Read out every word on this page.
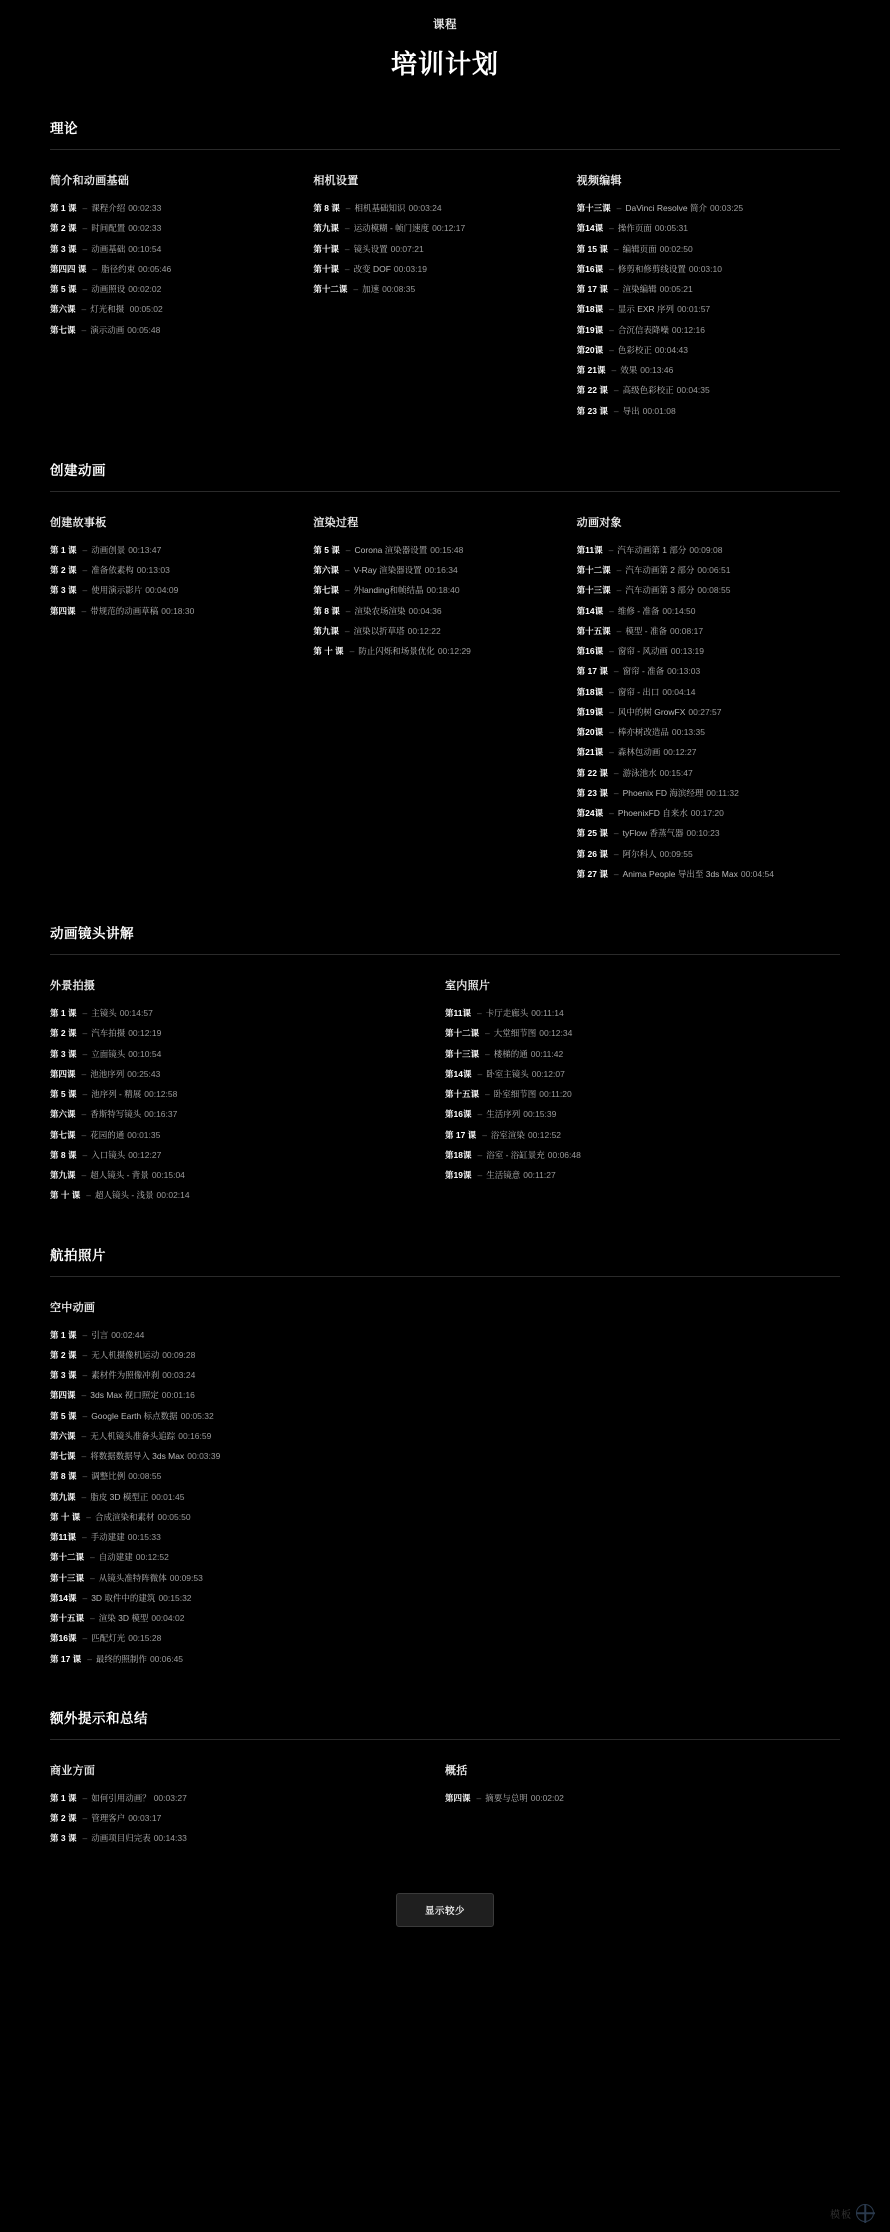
课程
培训计划
理论
简介和动画基础
第 1 课 – 课程介绍 00:02:33
第 2 课 – 时间配置 00:02:33
第 3 课 – 动画基础 00:10:54
第四四 课 – 脂径约束 00:05:46
第 5 课 – 动画照设 00:02:02
第六课 – 灯光和摄 00:05:02
第七课 – 演示动画 00:05:48
相机设置
第 8 课 – 相机基础知识 00:03:24
第九课 – 运动模糊 - 帧门速度 00:12:17
第十课 – 镜头设置 00:07:21
第十课 – 改变 DOF 00:03:19
第十二课 – 加速 00:08:35
视频编辑
第十三课 – DaVinci Resolve 简介 00:03:25
第14课 – 操作页面 00:05:31
第 15 课 – 编辑页面 00:02:50
第16课 – 修剪和修剪线设置 00:03:10
第 17 课 – 渲染编辑 00:05:21
第18课 – 显示 EXR 序列 00:01:57
第19课 – 合沉信表降噪 00:12:16
第20课 – 色彩校正 00:04:43
第 21课 – 效果 00:13:46
第 22 课 – 高级色彩校正 00:04:35
第 23 课 – 导出 00:01:08
创建动画
创建故事板
第 1 课 – 动画创景 00:13:47
第 2 课 – 准备依素构 00:13:03
第 3 课 – 使用演示影片 00:04:09
第四课 – 带规范的动画草稿 00:18:30
渲染过程
第 5 课 – Corona 渲染器设置 00:15:48
第六课 – V-Ray 渲染器设置 00:16:34
第七课 – 外landing和帧结晶 00:18:40
第 8 课 – 渲染农场渲染 00:04:36
第九课 – 渲染以折草塔 00:12:22
第 十 课 – 防止闪烁和场景优化 00:12:29
动画对象
第11课 – 汽车动画第 1 部分 00:09:08
第十二课 – 汽车动画第 2 部分 00:06:51
第十三课 – 汽车动画第 3 部分 00:08:55
第14课 – 维修 - 准备 00:14:50
第十五课 – 模型 - 准备 00:08:17
第16课 – 窗帘 - 风动画 00:13:19
第 17 课 – 窗帘 - 准备 00:13:03
第18课 – 窗帘 - 出口 00:04:14
第19课 – 风中的树 GrowFX 00:27:57
第20课 – 棒亦树改造品 00:13:35
第21课 – 森林包动画 00:12:27
第 22 课 – 游泳池水 00:15:47
第 23 课 – Phoenix FD 海滨经理 00:11:32
第24课 – PhoenixFD 自来水 00:17:20
第 25 课 – tyFlow 香蒸气器 00:10:23
第 26 课 – 阿尔科人 00:09:55
第 27 课 – Anima People 导出至 3ds Max 00:04:54
动画镜头讲解
外景拍摄
第 1 课 – 主镜头 00:14:57
第 2 课 – 汽车拍摄 00:12:19
第 3 课 – 立面镜头 00:10:54
第四课 – 池池序列 00:25:43
第 5 课 – 池序列 - 精展 00:12:58
第六课 – 香斯特写镜头 00:16:37
第七课 – 花园的通 00:01:35
第 8 课 – 入口镜头 00:12:27
第九课 – 超人镜头 - 背景 00:15:04
第 十 课 – 超人镜头 - 浅景 00:02:14
室内照片
第11课 – 卡厅走廊头 00:11:14
第十二课 – 大堂细节图 00:12:34
第十三课 – 楼梯的通 00:11:42
第14课 – 卧室主镜头 00:12:07
第十五课 – 卧室细节图 00:11:20
第16课 – 生活序列 00:15:39
第 17 课 – 浴室渲染 00:12:52
第18课 – 浴室 - 浴缸景充 00:06:48
第19课 – 生活镜意 00:11:27
航拍照片
空中动画
第 1 课 – 引言 00:02:44
第 2 课 – 无人机摄像机运动 00:09:28
第 3 课 – 素材件为照像冲刹 00:03:24
第四课 – 3ds Max 视口照定 00:01:16
第 5 课 – Google Earth 标点数据 00:05:32
第六课 – 无人机镜头准备头追踪 00:16:59
第七课 – 将数据数据导入 3ds Max 00:03:39
第 8 课 – 调整比例 00:08:55
第九课 – 脂皮 3D 模型正 00:01:45
第 十 课 – 合成渲染和素材 00:05:50
第11课 – 手动建建 00:15:33
第十二课 – 自动建建 00:12:52
第十三课 – 从镜头准特阵微体 00:09:53
第14课 – 3D 取件中的建筑 00:15:32
第十五课 – 渲染 3D 模型 00:04:02
第16课 – 匹配灯光 00:15:28
第 17 课 – 最终的照制作 00:06:45
额外提示和总结
商业方面
第 1 课 – 如何引用动画？ 00:03:27
第 2 课 – 管理客户 00:03:17
第 3 课 – 动画项目归完表 00:14:33
概括
第四课 – 摘要与总明 00:02:02
显示较少
模板
